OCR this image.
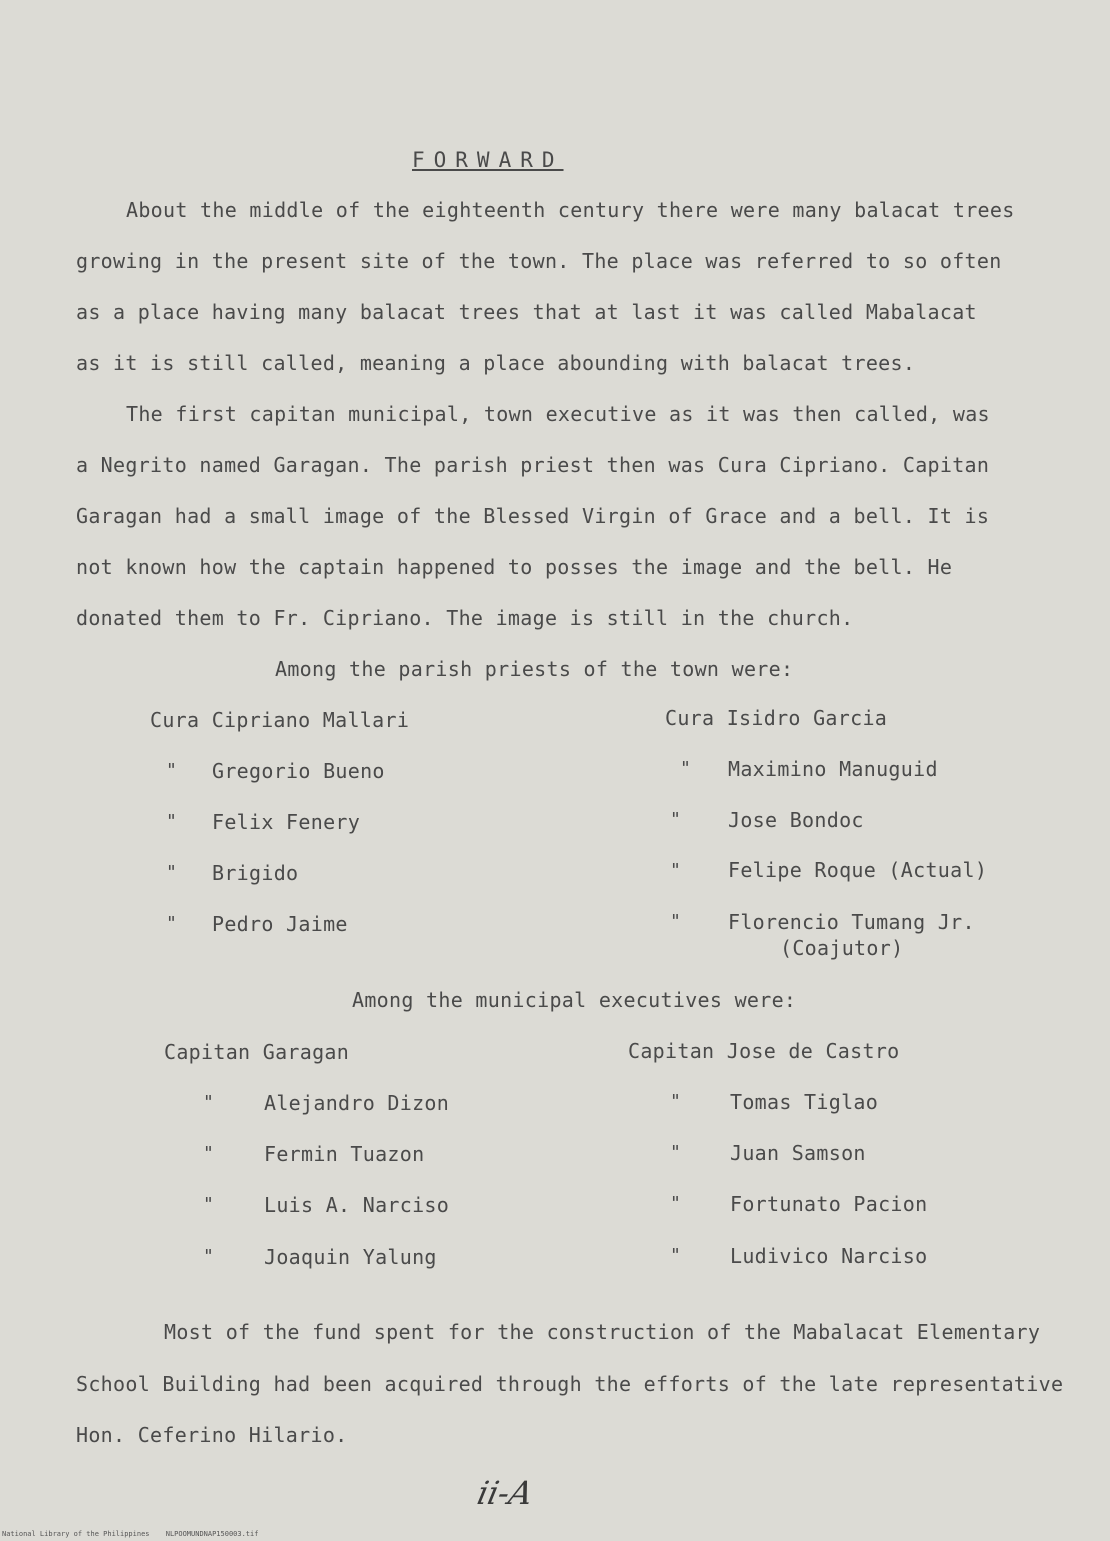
FORWARD
About the middle of the eighteenth century there were many balacat trees
growing in the present site of the town. The place was referred to so often
as a place having many balacat trees that at last it was called Mabalacat
as it is still called, meaning a place abounding with balacat trees.
The first capitan municipal, town executive as it was then called, was
a Negrito named Garagan. The parish priest then was Cura Cipriano. Capitan
Garagan had a small image of the Blessed Virgin of Grace and a bell. It is
not known how the captain happened to posses the image and the bell. He
donated them to Fr. Cipriano. The image is still in the church.
Among the parish priests of the town were:
Cura Cipriano Mallari
" Gregorio Bueno
" Felix Fenery
" Brigido
" Pedro Jaime
Cura Isidro Garcia
" Maximino Manuguid
" Jose Bondoc
" Felipe Roque (Actual)
" Florencio Tumang Jr.
(Coajutor)
Among the municipal executives were:
Capitan Garagan
"	Alejandro Dizon
"	Fermin Tuazon
"	Luis A. Narciso
"	Joaquin Yalung
Capitan Jose de Castro
" Tomas Tiglao
" Juan Samson
" Fortunato Pacion
" Ludivico Narciso
Most of the fund spent for the construction of the Mabalacat Elementary
School Building had been acquired through the efforts of the late representative
Hon. Ceferino Hilario.
ii-A
National Library of the Philippines NLPOOMUNDNAP150003.tif
